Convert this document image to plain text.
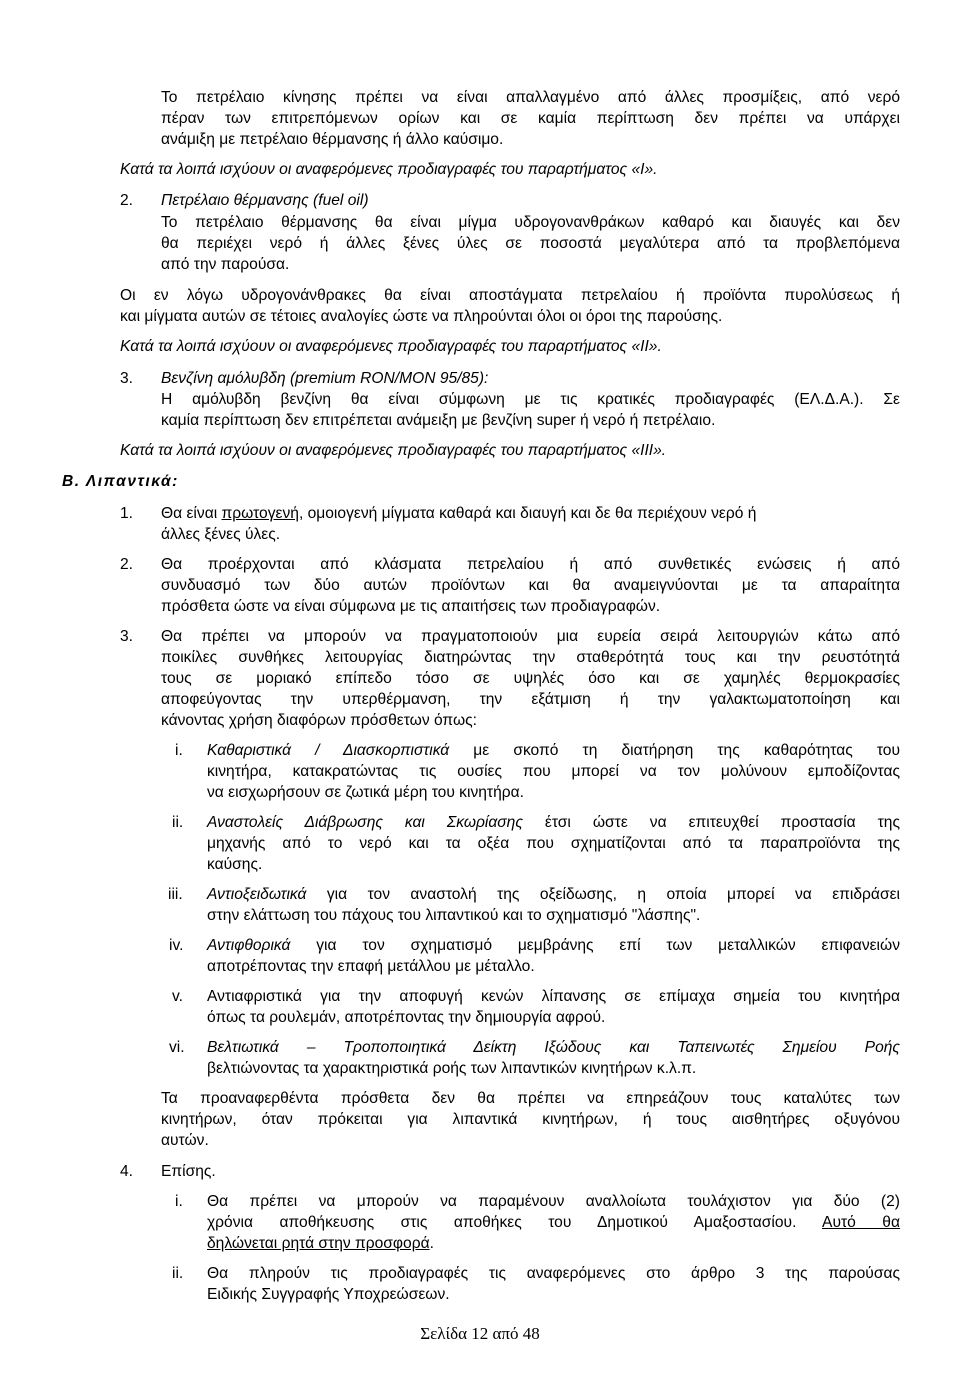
Το πετρέλαιο κίνησης πρέπει να είναι απαλλαγμένο από άλλες προσμίξεις, από νερό
πέραν των επιτρεπόμενων ορίων και σε καμία περίπτωση δεν πρέπει να υπάρχει
ανάμιξη με πετρέλαιο θέρμανσης ή άλλο καύσιμο.
Κατά τα λοιπά ισχύουν οι αναφερόμενες προδιαγραφές του παραρτήματος «Ι».
2. Πετρέλαιο θέρμανσης (fuel oil)
Το πετρέλαιο θέρμανσης θα είναι μίγμα υδρογονανθράκων καθαρό και διαυγές και δεν
θα περιέχει νερό ή άλλες ξένες ύλες σε ποσοστά μεγαλύτερα από τα προβλεπόμενα
από την παρούσα.
Οι εν λόγω υδρογονάνθρακες θα είναι αποστάγματα πετρελαίου ή προϊόντα πυρολύσεως ή
και μίγματα αυτών σε τέτοιες αναλογίες ώστε να πληρούνται όλοι οι όροι της παρούσης.
Κατά τα λοιπά ισχύουν οι αναφερόμενες προδιαγραφές του παραρτήματος «ΙΙ».
3. Βενζίνη αμόλυβδη (premium RON/MON 95/85):
Η αμόλυβδη βενζίνη θα είναι σύμφωνη με τις κρατικές προδιαγραφές (ΕΛ.Δ.Α.). Σε
καμία περίπτωση δεν επιτρέπεται ανάμειξη με βενζίνη super ή νερό ή πετρέλαιο.
Κατά τα λοιπά ισχύουν οι αναφερόμενες προδιαγραφές του παραρτήματος «ΙΙΙ».
Β. Λιπαντικά:
1. Θα είναι πρωτογενή, ομοιογενή μίγματα καθαρά και διαυγή και δε θα περιέχουν νερό ή
άλλες ξένες ύλες.
2. Θα προέρχονται από κλάσματα πετρελαίου ή από συνθετικές ενώσεις ή από
συνδυασμό των δύο αυτών προϊόντων και θα αναμειγνύονται με τα απαραίτητα
πρόσθετα ώστε να είναι σύμφωνα με τις απαιτήσεις των προδιαγραφών.
3. Θα πρέπει να μπορούν να πραγματοποιούν μια ευρεία σειρά λειτουργιών κάτω από
ποικίλες συνθήκες λειτουργίας διατηρώντας την σταθερότητά τους και την ρευστότητά
τους σε μοριακό επίπεδο τόσο σε υψηλές όσο και σε χαμηλές θερμοκρασίες
αποφεύγοντας την υπερθέρμανση, την εξάτμιση ή την γαλακτωματοποίηση και
κάνοντας χρήση διαφόρων πρόσθετων όπως:
i. Καθαριστικά / Διασκορπιστικά με σκοπό τη διατήρηση της καθαρότητας του
κινητήρα, κατακρατώντας τις ουσίες που μπορεί να τον μολύνουν εμποδίζοντας
να εισχωρήσουν σε ζωτικά μέρη του κινητήρα.
ii. Αναστολείς Διάβρωσης και Σκωρίασης έτσι ώστε να επιτευχθεί προστασία της
μηχανής από το νερό και τα οξέα που σχηματίζονται από τα παραπροϊόντα της
καύσης.
iii. Αντιοξειδωτικά για τον αναστολή της οξείδωσης, η οποία μπορεί να επιδράσει
στην ελάττωση του πάχους του λιπαντικού και το σχηματισμό "λάσπης".
iv. Αντιφθορικά για τον σχηματισμό μεμβράνης επί των μεταλλικών επιφανειών
αποτρέποντας την επαφή μετάλλου με μέταλλο.
v. Αντιαφριστικά για την αποφυγή κενών λίπανσης σε επίμαχα σημεία του κινητήρα
όπως τα ρουλεμάν, αποτρέποντας την δημιουργία αφρού.
vi. Βελτιωτικά – Τροποποιητικά Δείκτη Ιξώδους και Ταπεινωτές Σημείου Ροής
βελτιώνοντας τα χαρακτηριστικά ροής των λιπαντικών κινητήρων κ.λ.π.
Τα προαναφερθέντα πρόσθετα δεν θα πρέπει να επηρεάζουν τους καταλύτες των
κινητήρων, όταν πρόκειται για λιπαντικά κινητήρων, ή τους αισθητήρες οξυγόνου
αυτών.
4. Επίσης.
i. Θα πρέπει να μπορούν να παραμένουν αναλλοίωτα τουλάχιστον για δύο (2)
χρόνια αποθήκευσης στις αποθήκες του Δημοτικού Αμαξοστασίου. Αυτό θα
δηλώνεται ρητά στην προσφορά.
ii. Θα πληρούν τις προδιαγραφές τις αναφερόμενες στο άρθρο 3 της παρούσας
Ειδικής Συγγραφής Υποχρεώσεων.
Σελίδα 12 από 48
